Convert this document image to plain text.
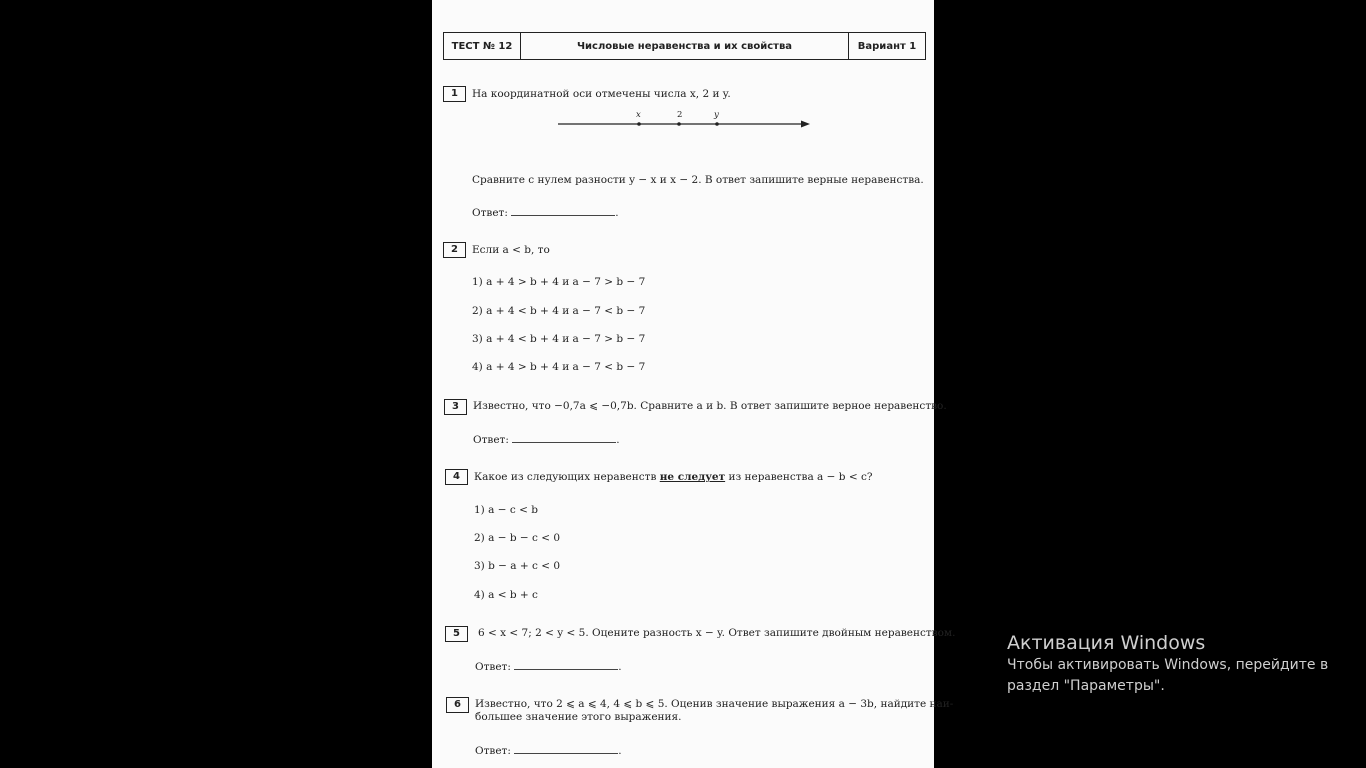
ТЕСТ № 12	Числовые неравенства и их свойства	Вариант 1
1	На координатной оси отмечены числа x, 2 и y.
x	2	y
Сравните с нулем разности y − x и x − 2. В ответ запишите верные неравенства.
Ответ:	.
2	Если a < b, то
1) a + 4 > b + 4 и a − 7 > b − 7
2) a + 4 < b + 4 и a − 7 < b − 7
3) a + 4 < b + 4 и a − 7 > b − 7
4) a + 4 > b + 4 и a − 7 < b − 7
3	Известно, что −0,7a ⩽ −0,7b. Сравните a и b. В ответ запишите верное неравенство.
Ответ:	.
4	Какое из следующих неравенств не следует из неравенства a − b < c?
1) a − c < b
2) a − b − c < 0
3) b − a + c < 0
4) a < b + c
5	6 < x < 7; 2 < y < 5. Оцените разность x − y. Ответ запишите двойным неравенством.
Ответ:	.
6	Известно, что 2 ⩽ a ⩽ 4, 4 ⩽ b ⩽ 5. Оценив значение выражения a − 3b, найдите наи-
большее значение этого выражения.
Ответ:	.
Активация Windows
Чтобы активировать Windows, перейдите в
раздел "Параметры".
